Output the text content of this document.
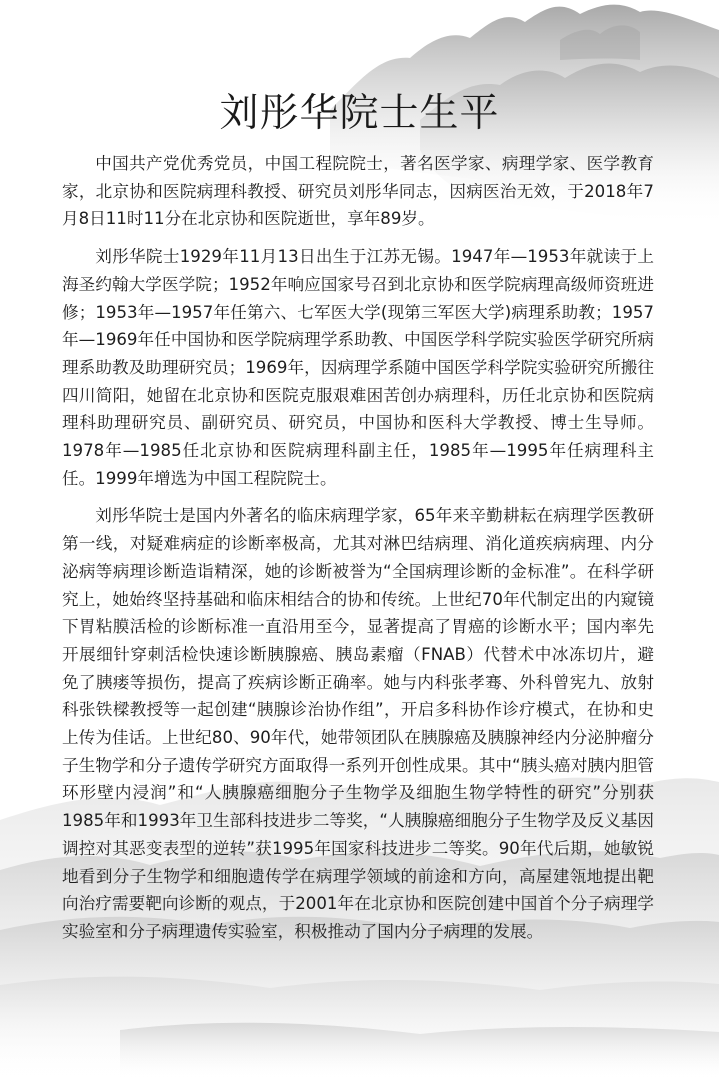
刘彤华院士生平

中国共产党优秀党员，中国工程院院士，著名医学家、病理学家、医学教育家，北京协和医院病理科教授、研究员刘彤华同志，因病医治无效，于2018年7月8日11时11分在北京协和医院逝世，享年89岁。

刘彤华院士1929年11月13日出生于江苏无锡。1947年—1953年就读于上海圣约翰大学医学院；1952年响应国家号召到北京协和医学院病理高级师资班进修；1953年—1957年任第六、七军医大学(现第三军医大学)病理系助教；1957年—1969年任中国协和医学院病理学系助教、中国医学科学院实验医学研究所病理系助教及助理研究员；1969年，因病理学系随中国医学科学院实验研究所搬往四川简阳，她留在北京协和医院克服艰难困苦创办病理科，历任北京协和医院病理科助理研究员、副研究员、研究员，中国协和医科大学教授、博士生导师。1978年—1985任北京协和医院病理科副主任，1985年—1995年任病理科主任。1999年增选为中国工程院院士。

刘彤华院士是国内外著名的临床病理学家，65年来辛勤耕耘在病理学医教研第一线，对疑难病症的诊断率极高，尤其对淋巴结病理、消化道疾病病理、内分泌病等病理诊断造诣精深，她的诊断被誉为“全国病理诊断的金标准”。在科学研究上，她始终坚持基础和临床相结合的协和传统。上世纪70年代制定出的内窥镜下胃粘膜活检的诊断标准一直沿用至今，显著提高了胃癌的诊断水平；国内率先开展细针穿刺活检快速诊断胰腺癌、胰岛素瘤（FNAB）代替术中冰冻切片，避免了胰瘘等损伤，提高了疾病诊断正确率。她与内科张孝骞、外科曾宪九、放射科张铁樑教授等一起创建“胰腺诊治协作组”，开启多科协作诊疗模式，在协和史上传为佳话。上世纪80、90年代，她带领团队在胰腺癌及胰腺神经内分泌肿瘤分子生物学和分子遗传学研究方面取得一系列开创性成果。其中“胰头癌对胰内胆管环形壁内浸润”和“人胰腺癌细胞分子生物学及细胞生物学特性的研究”分别获1985年和1993年卫生部科技进步二等奖，“人胰腺癌细胞分子生物学及反义基因调控对其恶变表型的逆转”获1995年国家科技进步二等奖。90年代后期，她敏锐地看到分子生物学和细胞遗传学在病理学领域的前途和方向，高屋建瓴地提出靶向治疗需要靶向诊断的观点，于2001年在北京协和医院创建中国首个分子病理学实验室和分子病理遗传实验室，积极推动了国内分子病理的发展。
